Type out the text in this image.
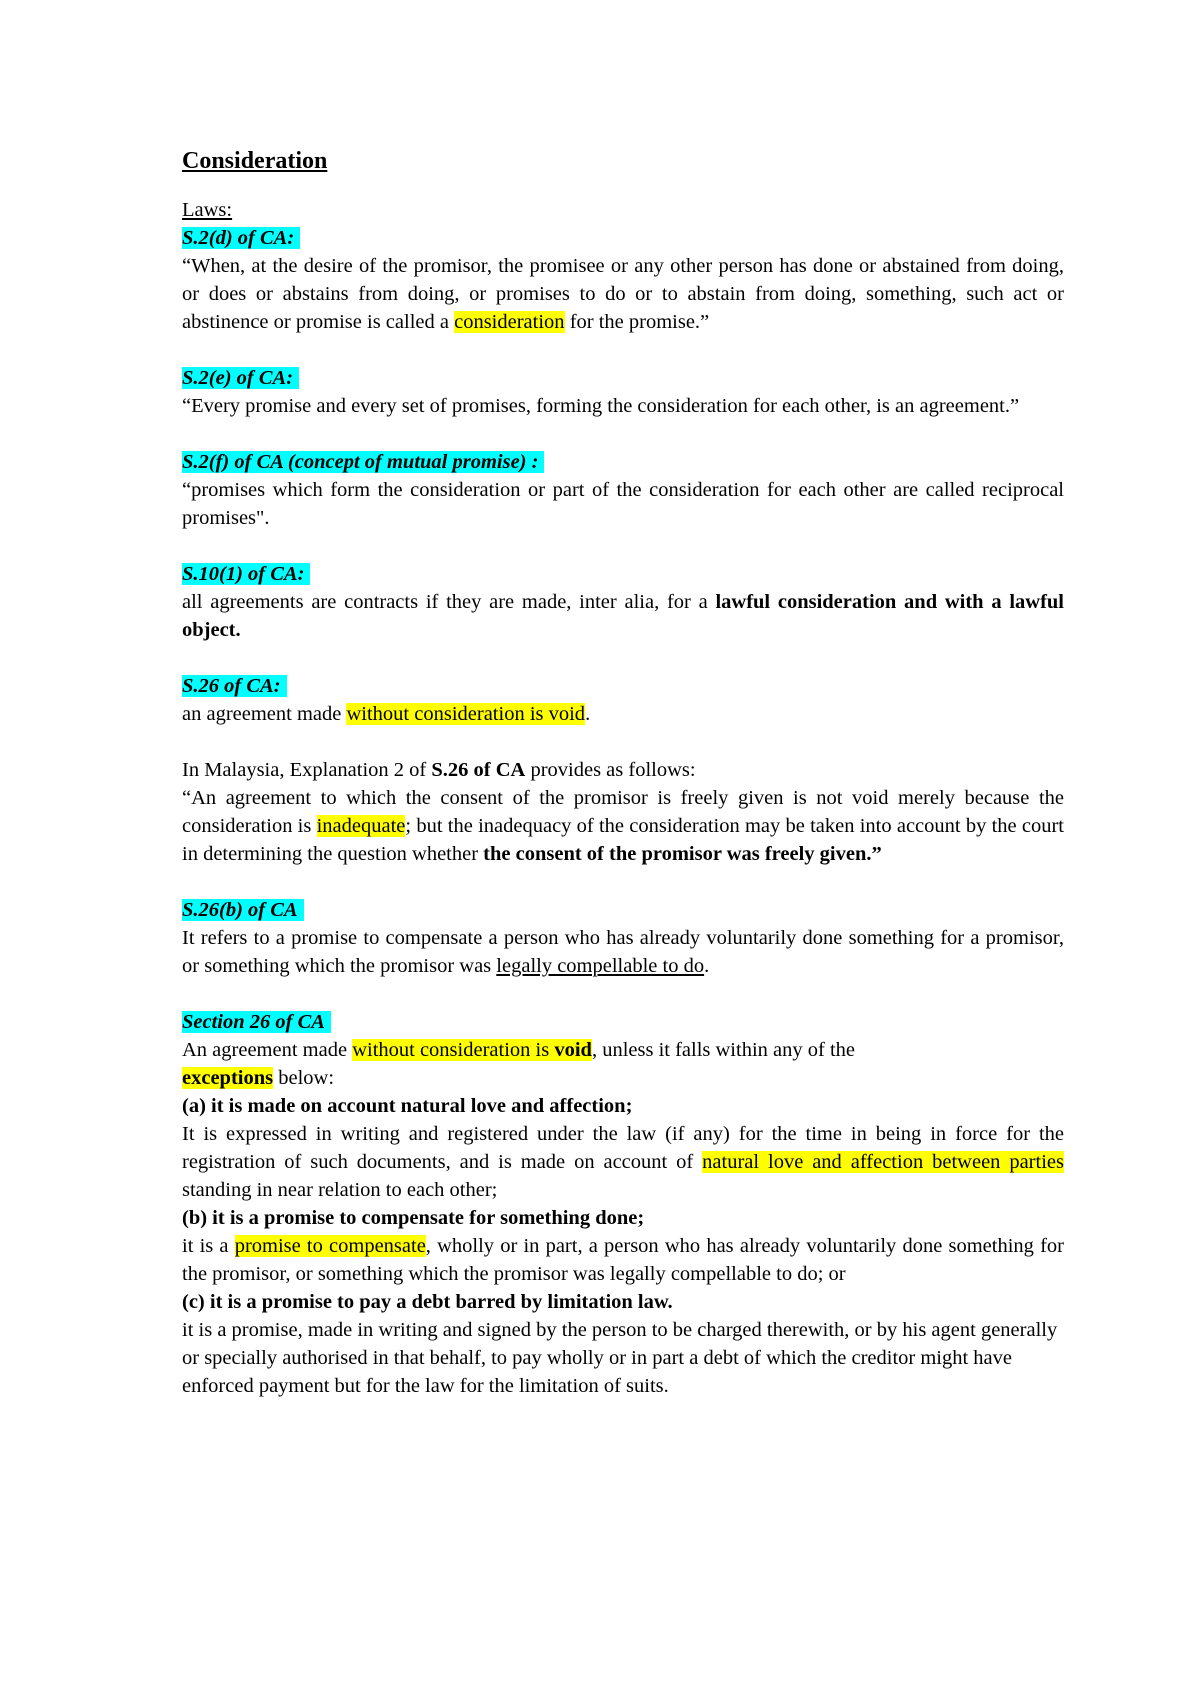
Consideration

Laws:

S.2(d) of CA:

“When, at the desire of the promisor, the promisee or any other person has done or abstained from doing, or does or abstains from doing, or promises to do or to abstain from doing, something, such act or abstinence or promise is called a consideration for the promise.”

S.2(e) of CA:

“Every promise and every set of promises, forming the consideration for each other, is an agreement.”

S.2(f) of CA (concept of mutual promise) :

“promises which form the consideration or part of the consideration for each other are called reciprocal promises".

S.10(1) of CA:

all agreements are contracts if they are made, inter alia, for a lawful consideration and with a lawful object.

S.26 of CA:

an agreement made without consideration is void.

In Malaysia, Explanation 2 of S.26 of CA provides as follows:

“An agreement to which the consent of the promisor is freely given is not void merely because the consideration is inadequate; but the inadequacy of the consideration may be taken into account by the court in determining the question whether the consent of the promisor was freely given.”

S.26(b) of CA

It refers to a promise to compensate a person who has already voluntarily done something for a promisor, or something which the promisor was legally compellable to do.

Section 26 of CA

An agreement made without consideration is void, unless it falls within any of the
exceptions below:

(a) it is made on account natural love and affection;

It is expressed in writing and registered under the law (if any) for the time in being in force for the registration of such documents, and is made on account of natural love and affection between parties standing in near relation to each other;

(b) it is a promise to compensate for something done;

it is a promise to compensate, wholly or in part, a person who has already voluntarily done something for the promisor, or something which the promisor was legally compellable to do; or

(c) it is a promise to pay a debt barred by limitation law.

it is a promise, made in writing and signed by the person to be charged therewith, or by his agent generally or specially authorised in that behalf, to pay wholly or in part a debt of which the creditor might have enforced payment but for the law for the limitation of suits.
